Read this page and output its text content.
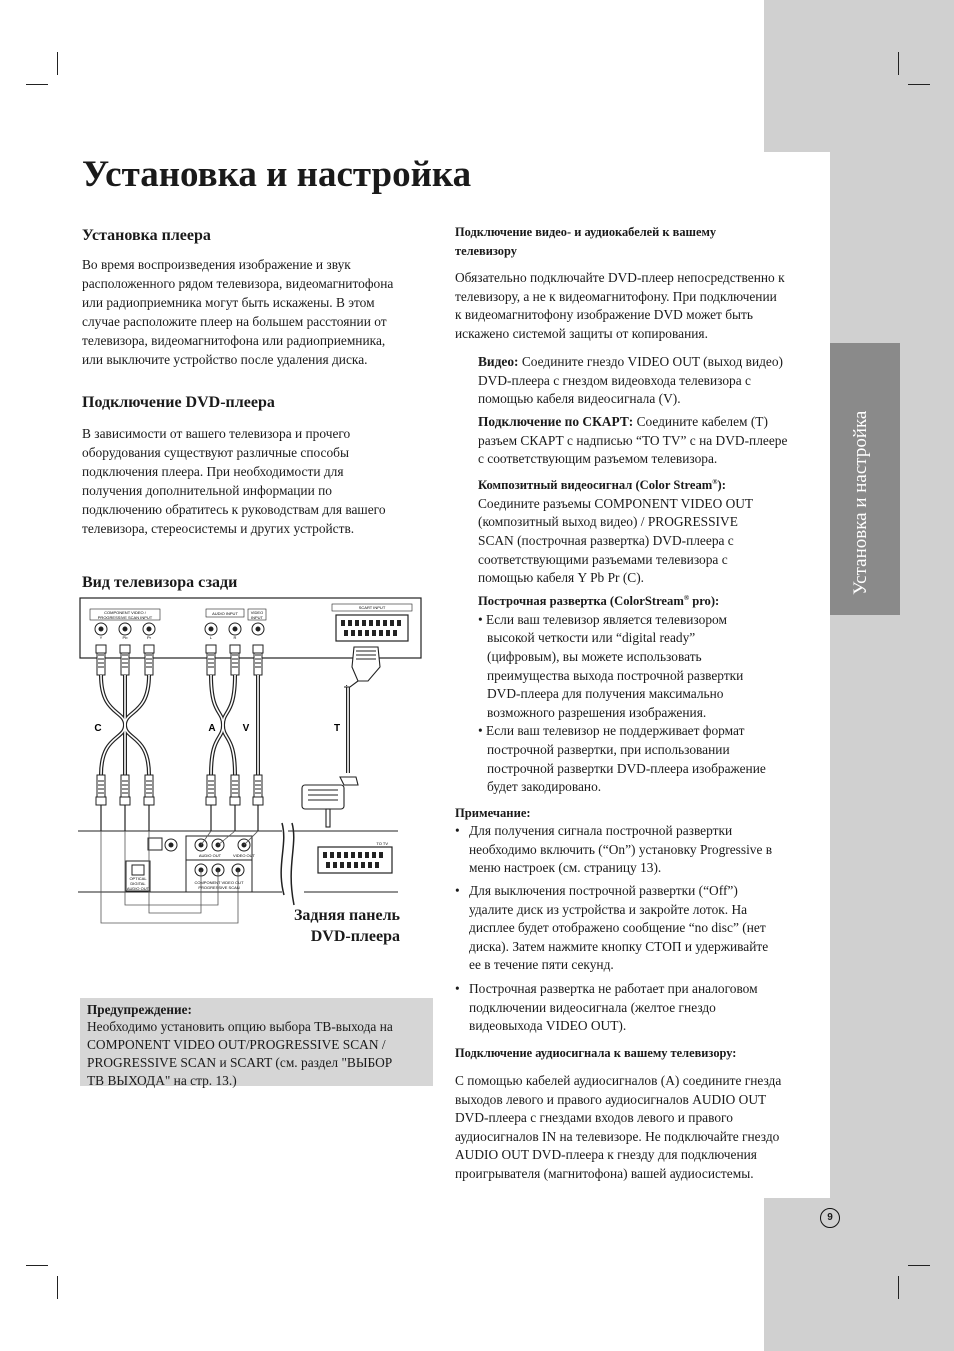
Установка и настройка
Установка и настройка
Установка плеера
Во время воспроизведения изображение и звук
расположенного рядом телевизора, видеомагнитофона
или радиоприемника могут быть искажены. В этом
случае расположите плеер на большем расстоянии от
телевизора, видеомагнитофона или радиоприемника,
или выключите устройство после удаления диска.
Подключение DVD-плеера
В зависимости от вашего телевизора и прочего
оборудования существуют различные способы
подключения плеера. При необходимости для
получения дополнительной информации по
подключению обратитесь к руководствам для вашего
телевизора, стереосистемы и других устройств.
Вид телевизора сзади
COMPONENT VIDEO /
PROGRESSIVE SCAN INPUT
AUDIO INPUT	VIDEO
INPUT
SCART INPUT
Y	Pb	Pr	L	R
C	A	V	T
AUDIO OUT	VIDEO OUT
COMPONENT VIDEO OUT
PROGRESSIVE SCAN
OPTICAL
DIGITAL
AUDIO OUT
TO TV
Задняя панель
DVD-плеера
Предупреждение:
Необходимо установить опцию выбора ТВ-выхода на
COMPONENT VIDEO OUT/PROGRESSIVE SCAN /
PROGRESSIVE SCAN и SCART (см. раздел "ВЫБОР
ТВ ВЫХОДА" на стр. 13.)
Подключение видео- и аудиокабелей к вашему
телевизору
Обязательно подключайте DVD-плеер непосредственно к
телевизору, а не к видеомагнитофону. При подключении
к видеомагнитофону изображение DVD может быть
искажено системой защиты от копирования.
Видео: Соедините гнездо VIDEO OUT (выход видео)
DVD-плеера с гнездом видеовхода телевизора с
помощью кабеля видеосигнала (V).
Подключение по СКАРТ: Соедините кабелем (T)
разъем СКАРТ с надписью “TO TV” с на DVD-плеере
с соответствующим разъемом телевизора.
Композитный видеосигнал (Color Stream®):
Соедините разъемы COMPONENT VIDEO OUT
(композитный выход видео) / PROGRESSIVE
SCAN (построчная развертка) DVD-плеера с
соответствующими разъемами телевизора с
помощью кабеля Y Pb Pr (C).
Построчная развертка (ColorStream® pro):
• Если ваш телевизор является телевизором
высокой четкости или “digital ready”
(цифровым), вы можете использовать
преимущества выхода построчной развертки
DVD-плеера для получения максимально
возможного разрешения изображения.
• Если ваш телевизор не поддерживает формат
построчной развертки, при использовании
построчной развертки DVD-плеера изображение
будет закодировано.
Примечание:
• Для получения сигнала построчной развертки
необходимо включить (“On”) установку Progressive в
меню настроек (см. страницу 13).
• Для выключения построчной развертки (“Off”)
удалите диск из устройства и закройте лоток. На
дисплее будет отображено сообщение “no disc” (нет
диска). Затем нажмите кнопку СТОП и удерживайте
ее в течение пяти секунд.
• Построчная развертка не работает при аналоговом
подключении видеосигнала (желтое гнездо
видеовыхода VIDEO OUT).
Подключение аудиосигнала к вашему телевизору:
С помощью кабелей аудиосигналов (A) соедините гнезда
выходов левого и правого аудиосигналов AUDIO OUT
DVD-плеера с гнездами входов левого и правого
аудиосигналов IN на телевизоре. Не подключайте гнездо
AUDIO OUT DVD-плеера к гнезду для подключения
проигрывателя (магнитофона) вашей аудиосистемы.
9
